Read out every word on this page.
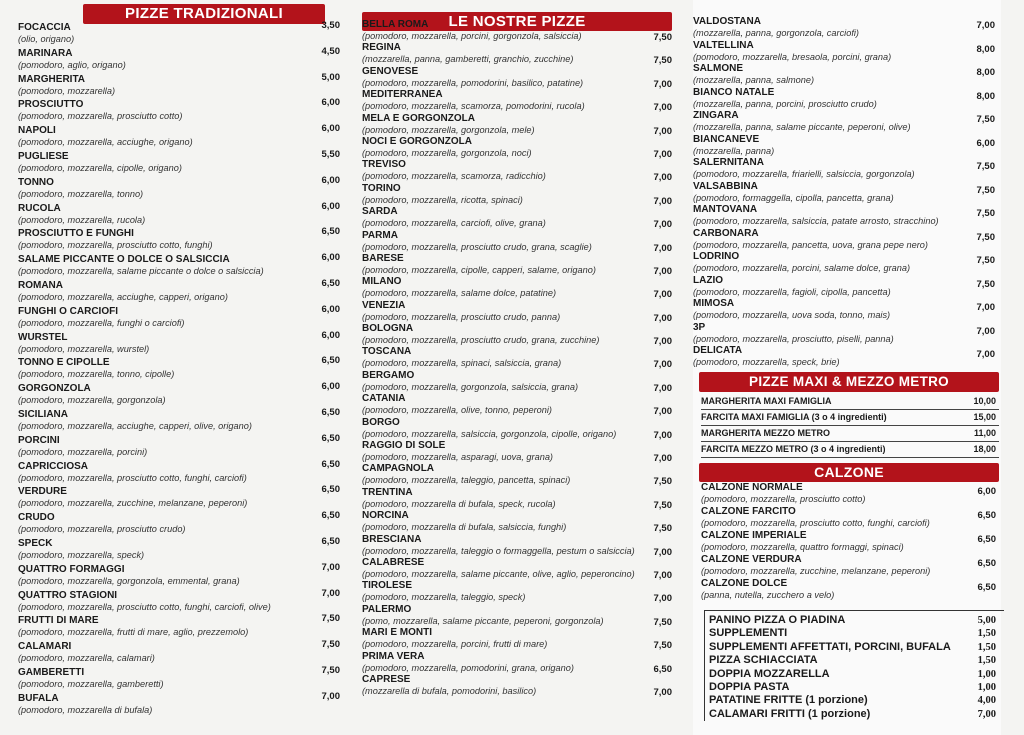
PIZZE TRADIZIONALI
FOCACCIA
(olio, origano)
3,50
MARINARA
(pomodoro, aglio, origano)
4,50
MARGHERITA
(pomodoro, mozzarella)
5,00
PROSCIUTTO
(pomodoro, mozzarella, prosciutto cotto)
6,00
NAPOLI
(pomodoro, mozzarella, acciughe, origano)
6,00
PUGLIESE
(pomodoro, mozzarella, cipolle, origano)
5,50
TONNO
(pomodoro, mozzarella, tonno)
6,00
RUCOLA
(pomodoro, mozzarella, rucola)
6,00
PROSCIUTTO E FUNGHI
(pomodoro, mozzarella, prosciutto cotto, funghi)
6,50
SALAME PICCANTE O DOLCE O SALSICCIA
(pomodoro, mozzarella, salame piccante o dolce o salsiccia)
6,00
ROMANA
(pomodoro, mozzarella, acciughe, capperi, origano)
6,50
FUNGHI O CARCIOFI
(pomodoro, mozzarella, funghi o carciofi)
6,00
WURSTEL
(pomodoro, mozzarella, wurstel)
6,00
TONNO E CIPOLLE
(pomodoro, mozzarella, tonno, cipolle)
6,50
GORGONZOLA
(pomodoro, mozzarella, gorgonzola)
6,00
SICILIANA
(pomodoro, mozzarella, acciughe, capperi, olive, origano)
6,50
PORCINI
(pomodoro, mozzarella, porcini)
6,50
CAPRICCIOSA
(pomodoro, mozzarella, prosciutto cotto, funghi, carciofi)
6,50
VERDURE
(pomodoro, mozzarella, zucchine, melanzane, peperoni)
6,50
CRUDO
(pomodoro, mozzarella, prosciutto crudo)
6,50
SPECK
(pomodoro, mozzarella, speck)
6,50
QUATTRO FORMAGGI
(pomodoro, mozzarella, gorgonzola, emmental, grana)
7,00
QUATTRO STAGIONI
(pomodoro, mozzarella, prosciutto cotto, funghi, carciofi, olive)
7,00
FRUTTI DI MARE
(pomodoro, mozzarella, frutti di mare, aglio, prezzemolo)
7,50
CALAMARI
(pomodoro, mozzarella, calamari)
7,50
GAMBERETTI
(pomodoro, mozzarella, gamberetti)
7,50
BUFALA
(pomodoro, mozzarella di bufala)
7,00
LE NOSTRE PIZZE
BELLA ROMA
(pomodoro, mozzarella, porcini, gorgonzola, salsiccia)	7,50
REGINA
(mozzarella, panna, gamberetti, granchio, zucchine)	7,50
GENOVESE
(pomodoro, mozzarella, pomodorini, basilico, patatine)	7,00
MEDITERRANEA
(pomodoro, mozzarella, scamorza, pomodorini, rucola)	7,00
MELA E GORGONZOLA
(pomodoro, mozzarella, gorgonzola, mele)	7,00
NOCI E GORGONZOLA
(pomodoro, mozzarella, gorgonzola, noci)	7,00
TREVISO
(pomodoro, mozzarella, scamorza, radicchio)	7,00
TORINO
(pomodoro, mozzarella, ricotta, spinaci)	7,00
SARDA
(pomodoro, mozzarella, carciofi, olive, grana)	7,00
PARMA
(pomodoro, mozzarella, prosciutto crudo, grana, scaglie)	7,00
BARESE
(pomodoro, mozzarella, cipolle, capperi, salame, origano)	7,00
MILANO
(pomodoro, mozzarella, salame dolce, patatine)	7,00
VENEZIA
(pomodoro, mozzarella, prosciutto crudo, panna)	7,00
BOLOGNA
(pomodoro, mozzarella, prosciutto crudo, grana, zucchine)	7,00
TOSCANA
(pomodoro, mozzarella, spinaci, salsiccia, grana)	7,00
BERGAMO
(pomodoro, mozzarella, gorgonzola, salsiccia, grana)	7,00
CATANIA
(pomodoro, mozzarella, olive, tonno, peperoni)	7,00
BORGO
(pomodoro, mozzarella, salsiccia, gorgonzola, cipolle, origano)	7,00
RAGGIO DI SOLE
(pomodoro, mozzarella, asparagi, uova, grana)	7,00
CAMPAGNOLA
(pomodoro, mozzarella, taleggio, pancetta, spinaci)	7,50
TRENTINA
(pomodoro, mozzarella di bufala, speck, rucola)	7,50
NORCINA
(pomodoro, mozzarella di bufala, salsiccia, funghi)	7,50
BRESCIANA
(pomodoro, mozzarella, taleggio o formaggella, pestum o salsiccia) 7,00
CALABRESE
(pomodoro, mozzarella, salame piccante, olive, aglio, peperoncino) 7,00
TIROLESE
(pomodoro, mozzarella, taleggio, speck)	7,00
PALERMO
(pomo, mozzarella, salame piccante, peperoni, gorgonzola)	7,50
MARI E MONTI
(pomodoro, mozzarella, porcini, frutti di mare)	7,50
PRIMA VERA
(pomodoro, mozzarella, pomodorini, grana, origano)	6,50
CAPRESE
(mozzarella di bufala, pomodorini, basilico)	7,00
VALDOSTANA
(mozzarella, panna, gorgonzola, carciofi)
7,00
VALTELLINA
(pomodoro, mozzarella, bresaola, porcini, grana)
8,00
SALMONE
(mozzarella, panna, salmone)
8,00
BIANCO NATALE
(mozzarella, panna, porcini, prosciutto crudo)
8,00
ZINGARA
(mozzarella, panna, salame piccante, peperoni, olive)
7,50
BIANCANEVE
(mozzarella, panna)
6,00
SALERNITANA
(pomodoro, mozzarella, friarielli, salsiccia, gorgonzola)
7,50
VALSABBINA
(pomodoro, formaggella, cipolla, pancetta, grana)
7,50
MANTOVANA
(pomodoro, mozzarella, salsiccia, patate arrosto, stracchino)
7,50
CARBONARA
(pomodoro, mozzarella, pancetta, uova, grana pepe nero)
7,50
LODRINO
(pomodoro, mozzarella, porcini, salame dolce, grana)
7,50
LAZIO
(pomodoro, mozzarella, fagioli, cipolla, pancetta)
7,50
MIMOSA
(pomodoro, mozzarella, uova soda, tonno, mais)
7,00
3P
(pomodoro, mozzarella, prosciutto, piselli, panna)
7,00
DELICATA
(pomodoro, mozzarella, speck, brie)
7,00
PIZZE MAXI & MEZZO METRO
MARGHERITA MAXI FAMIGLIA	10,00
FARCITA MAXI FAMIGLIA (3 o 4 ingredienti)	15,00
MARGHERITA MEZZO METRO	11,00
FARCITA MEZZO METRO (3 o 4 ingredienti)	18,00
CALZONE
CALZONE NORMALE
(pomodoro, mozzarella, prosciutto cotto)
6,00
CALZONE FARCITO
(pomodoro, mozzarella, prosciutto cotto, funghi, carciofi)
6,50
CALZONE IMPERIALE
(pomodoro, mozzarella, quattro formaggi, spinaci)
6,50
CALZONE VERDURA
(pomodoro, mozzarella, zucchine, melanzane, peperoni)
6,50
CALZONE DOLCE
(panna, nutella, zucchero a velo)
6,50
PANINO PIZZA O PIADINA	5,00
SUPPLEMENTI	1,50
SUPPLEMENTI AFFETTATI, PORCINI, BUFALA	1,50
PIZZA SCHIACCIATA	1,50
DOPPIA MOZZARELLA	1,00
DOPPIA PASTA	1,00
PATATINE FRITTE (1 porzione)	4,00
CALAMARI FRITTI (1 porzione)	7,00
